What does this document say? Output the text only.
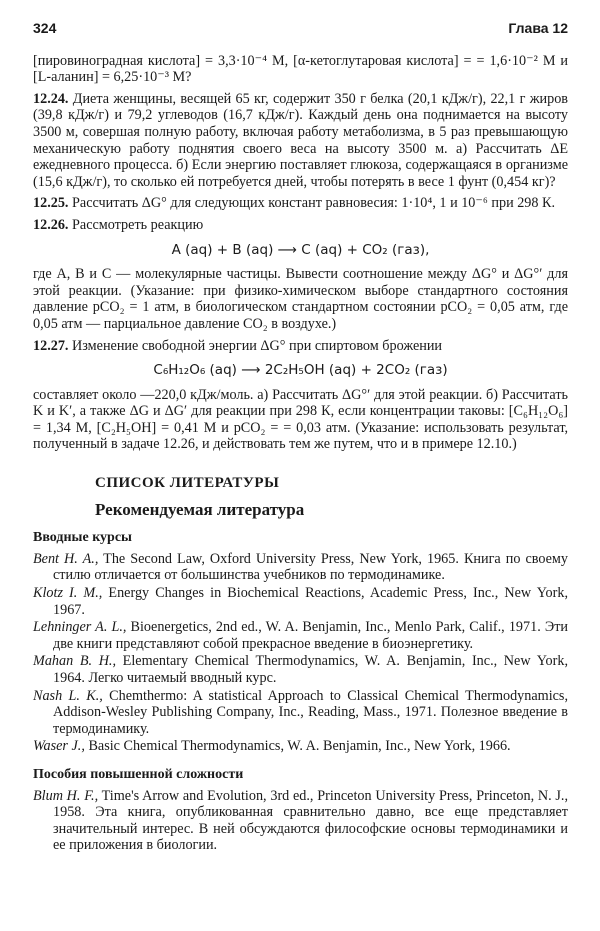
324	Глава 12

[пировиноградная кислота] = 3,3·10⁻⁴ М, [α-кетоглутаровая кислота] = = 1,6·10⁻² М и [L-аланин] = 6,25·10⁻³ М?

12.24. Диета женщины, весящей 65 кг, содержит 350 г белка (20,1 кДж/г), 22,1 г жиров (39,8 кДж/г) и 79,2 углеводов (16,7 кДж/г). Каждый день она поднимается на высоту 3500 м, совершая полную работу, включая работу метаболизма, в 5 раз превышающую механическую работу поднятия своего веса на высоту 3500 м. а) Рассчитать ΔE ежедневного процесса. б) Если энергию поставляет глюкоза, содержащаяся в организме (15,6 кДж/г), то сколько ей потребуется дней, чтобы потерять в весе 1 фунт (0,454 кг)?

12.25. Рассчитать ΔG° для следующих констант равновесия: 1·10⁴, 1 и 10⁻⁶ при 298 К.

12.26. Рассмотреть реакцию

A (aq) + B (aq) ⟶ C (aq) + CO₂ (газ),

где A, B и C — молекулярные частицы. Вывести соотношение между ΔG° и ΔG°′ для этой реакции. (Указание: при физико-химическом выборе стандартного состояния давление pCO₂ = 1 атм, в биологическом стандартном состоянии pCO₂ = 0,05 атм, где 0,05 атм — парциальное давление CO₂ в воздухе.)

12.27. Изменение свободной энергии ΔG° при спиртовом брожении

C₆H₁₂O₆ (aq) ⟶ 2C₂H₅OH (aq) + 2CO₂ (газ)

составляет около —220,0 кДж/моль. а) Рассчитать ΔG°′ для этой реакции. б) Рассчитать K и K′, а также ΔG и ΔG′ для реакции при 298 К, если концентрации таковы: [C₆H₁₂O₆] = 1,34 М, [C₂H₅OH] = 0,41 М и pCO₂ = = 0,03 атм. (Указание: использовать результат, полученный в задаче 12.26, и действовать тем же путем, что и в примере 12.10.)

СПИСОК ЛИТЕРАТУРЫ
Рекомендуемая литература
Вводные курсы

Bent H. A., The Second Law, Oxford University Press, New York, 1965. Книга по своему стилю отличается от большинства учебников по термодинамике.

Klotz I. M., Energy Changes in Biochemical Reactions, Academic Press, Inc., New York, 1967.

Lehninger A. L., Bioenergetics, 2nd ed., W. A. Benjamin, Inc., Menlo Park, Calif., 1971. Эти две книги представляют собой прекрасное введение в биоэнергетику.

Mahan B. H., Elementary Chemical Thermodynamics, W. A. Benjamin, Inc., New York, 1964. Легко читаемый вводный курс.

Nash L. K., Chemthermo: A statistical Approach to Classical Chemical Thermodynamics, Addison-Wesley Publishing Company, Inc., Reading, Mass., 1971. Полезное введение в термодинамику.

Waser J., Basic Chemical Thermodynamics, W. A. Benjamin, Inc., New York, 1966.

Пособия повышенной сложности

Blum H. F., Time's Arrow and Evolution, 3rd ed., Princeton University Press, Princeton, N. J., 1958. Эта книга, опубликованная сравнительно давно, все еще представляет значительный интерес. В ней обсуждаются философские основы термодинамики и ее приложения в биологии.
